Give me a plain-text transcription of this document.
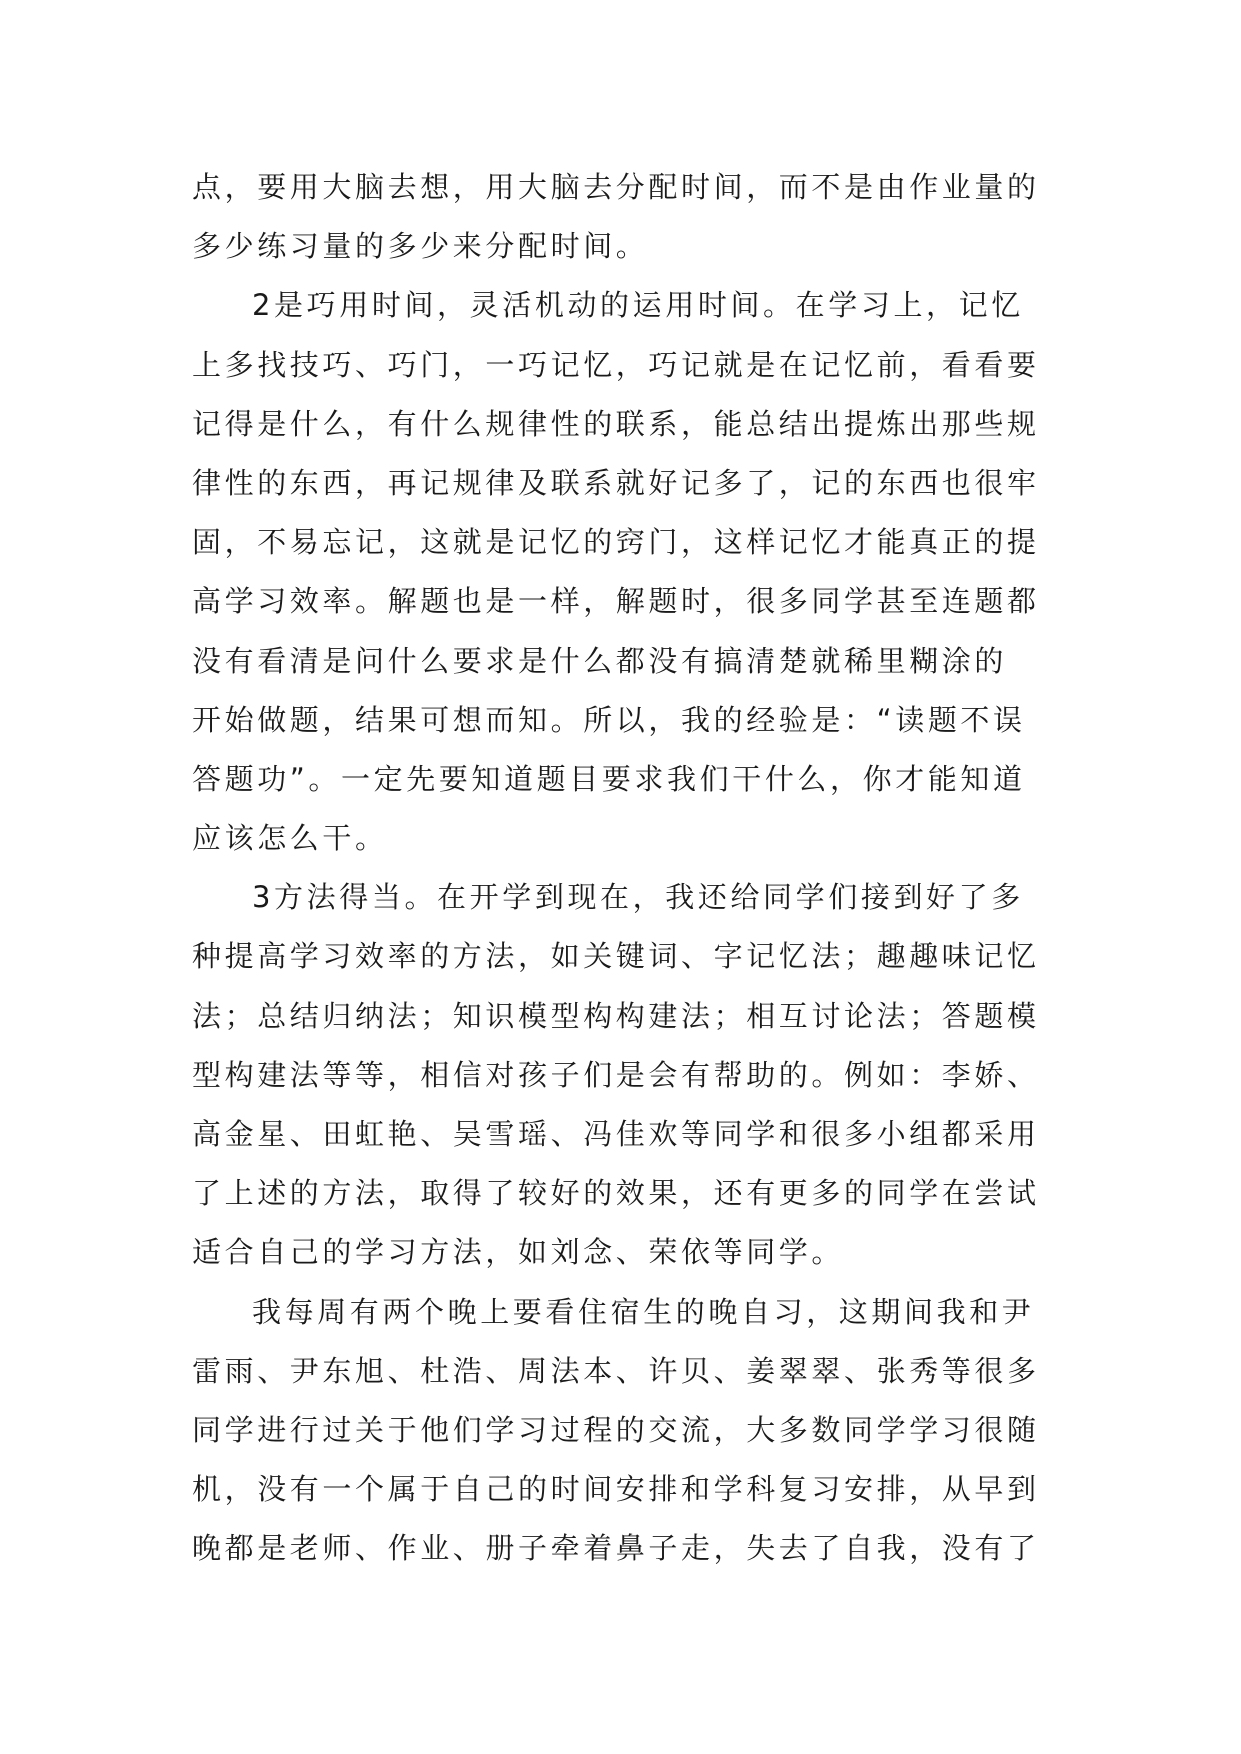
点，要用大脑去想，用大脑去分配时间，而不是由作业量的
多少练习量的多少来分配时间。

2是巧用时间，灵活机动的运用时间。在学习上，记忆
上多找技巧、巧门，一巧记忆，巧记就是在记忆前，看看要
记得是什么，有什么规律性的联系，能总结出提炼出那些规
律性的东西，再记规律及联系就好记多了，记的东西也很牢
固，不易忘记，这就是记忆的窍门，这样记忆才能真正的提
高学习效率。解题也是一样，解题时，很多同学甚至连题都
没有看清是问什么要求是什么都没有搞清楚就稀里糊涂的
开始做题，结果可想而知。所以，我的经验是：“读题不误
答题功”。一定先要知道题目要求我们干什么，你才能知道
应该怎么干。

3方法得当。在开学到现在，我还给同学们接到好了多
种提高学习效率的方法，如关键词、字记忆法；趣趣味记忆
法；总结归纳法；知识模型构构建法；相互讨论法；答题模
型构建法等等，相信对孩子们是会有帮助的。例如：李娇、
高金星、田虹艳、吴雪瑶、冯佳欢等同学和很多小组都采用
了上述的方法，取得了较好的效果，还有更多的同学在尝试
适合自己的学习方法，如刘念、荣依等同学。

我每周有两个晚上要看住宿生的晚自习，这期间我和尹
雷雨、尹东旭、杜浩、周法本、许贝、姜翠翠、张秀等很多
同学进行过关于他们学习过程的交流，大多数同学学习很随
机，没有一个属于自己的时间安排和学科复习安排，从早到
晚都是老师、作业、册子牵着鼻子走，失去了自我，没有了
